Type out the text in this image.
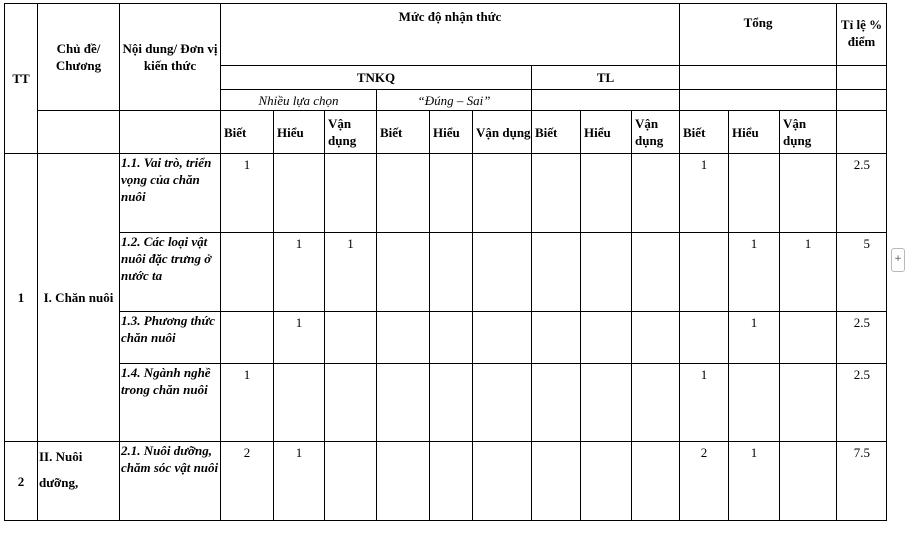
TT	Chủ đề/ Chương	Nội dung/ Đơn vị kiến thức	Mức độ nhận thức									Tổng			Tỉ lệ % điểm
			TNKQ						TL						
			Nhiều lựa chọn			“Đúng – Sai”									
			Biết	Hiểu	Vận dụng	Biết	Hiểu	Vận dụng	Biết	Hiểu	Vận dụng	Biết	Hiểu	Vận dụng	
1	I. Chăn nuôi	1.1. Vai trò, triển vọng của chăn nuôi	1									1			2.5
		1.2. Các loại vật nuôi đặc trưng ở nước ta		1	1								1	1	5
		1.3. Phương thức chăn nuôi		1									1		2.5
		1.4. Ngành nghề trong chăn nuôi	1									1			2.5
2	II. Nuôi dưỡng,	2.1. Nuôi dưỡng, chăm sóc vật nuôi	2	1								2	1		7.5
+
